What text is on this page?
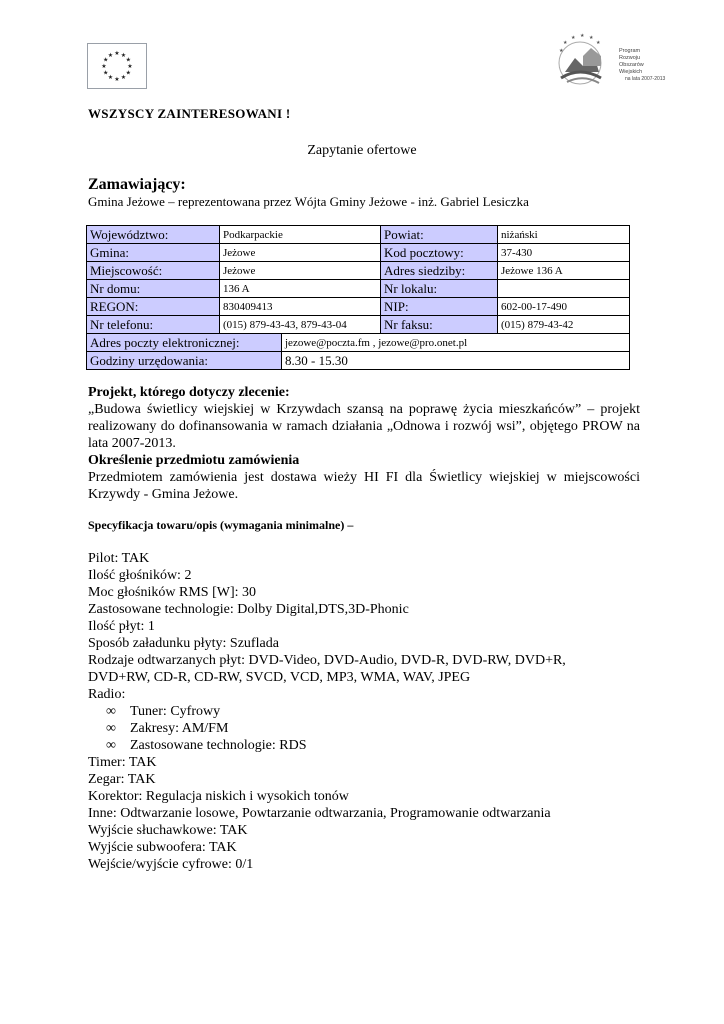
★ ★
★
★
★
★
★
★
★
★
★
★
★
★ ★ ★
★
★	Program
Rozwoju
Obszarów
Wiejskich
na lata 2007-2013
WSZYSCY ZAINTERESOWANI !
Zapytanie ofertowe
Zamawiający:
Gmina Jeżowe – reprezentowana przez Wójta Gminy Jeżowe - inż. Gabriel Lesiczka
Województwo:	Podkarpackie	Powiat:	niżański
Gmina:	Jeżowe	Kod pocztowy:	37-430
Miejscowość:	Jeżowe	Adres siedziby:	Jeżowe 136 A
Nr domu:	136 A	Nr lokalu:	
REGON:	830409413	NIP:	602-00-17-490
Nr telefonu:	(015) 879-43-43, 879-43-04	Nr faksu:	(015) 879-43-42
Adres poczty elektronicznej:	jezowe@poczta.fm , jezowe@pro.onet.pl
Godziny urzędowania:	8.30 - 15.30

Projekt, którego dotyczy zlecenie:

„Budowa świetlicy wiejskiej w Krzywdach szansą na poprawę życia mieszkańców” – projekt realizowany do dofinansowania w ramach działania „Odnowa i rozwój wsi”, objętego PROW na lata 2007-2013.

Określenie przedmiotu zamówienia

Przedmiotem zamówienia jest dostawa wieży HI FI dla Świetlicy wiejskiej w miejscowości Krzywdy - Gmina Jeżowe.

Specyfikacja towaru/opis (wymagania minimalne) –

Pilot: TAK

Ilość głośników: 2

Moc głośników RMS [W]: 30

Zastosowane technologie: Dolby Digital,DTS,3D-Phonic

Ilość płyt: 1

Sposób załadunku płyty: Szuflada

Rodzaje odtwarzanych płyt: DVD-Video, DVD-Audio, DVD-R, DVD-RW, DVD+R,

DVD+RW, CD-R, CD-RW, SVCD, VCD, MP3, WMA, WAV, JPEG

Radio:

∞ Tuner: Cyfrowy

∞ Zakresy: AM/FM

∞ Zastosowane technologie: RDS

Timer: TAK

Zegar: TAK

Korektor: Regulacja niskich i wysokich tonów

Inne: Odtwarzanie losowe, Powtarzanie odtwarzania, Programowanie odtwarzania

Wyjście słuchawkowe: TAK

Wyjście subwoofera: TAK

Wejście/wyjście cyfrowe: 0/1
